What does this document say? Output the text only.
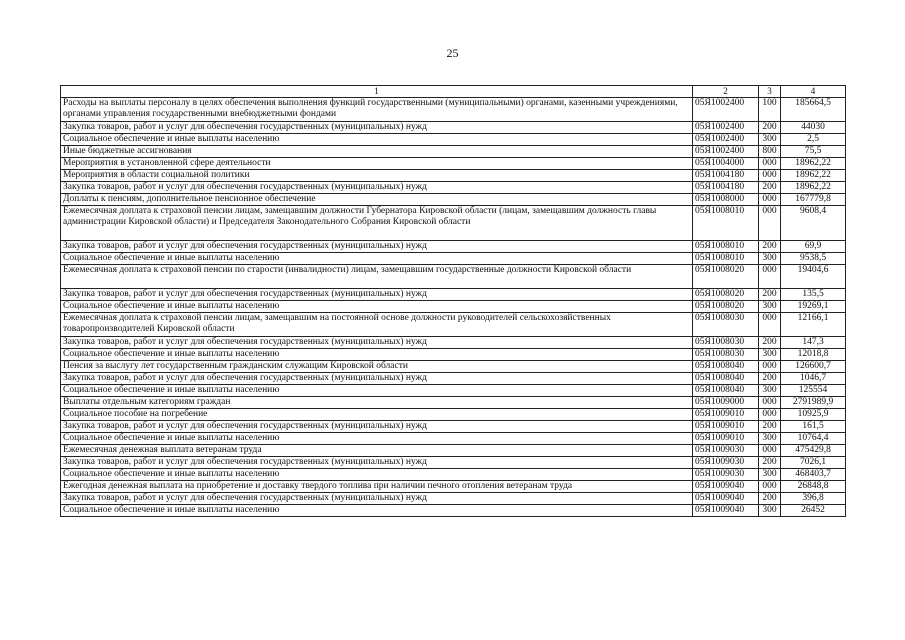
25
1	2	3	4
Расходы на выплаты персоналу в целях обеспечения выполнения функций государственными (муниципальными) органами, казенными учреждениями, органами управления государственными внебюджетными фондами	05Я1002400	100	185664,5
Закупка товаров, работ и услуг для обеспечения государственных (муниципальных) нужд	05Я1002400	200	44030
Социальное обеспечение и иные выплаты населению	05Я1002400	300	2,5
Иные бюджетные ассигнования	05Я1002400	800	75,5
Мероприятия в установленной сфере деятельности	05Я1004000	000	18962,22
Мероприятия в области социальной политики	05Я1004180	000	18962,22
Закупка товаров, работ и услуг для обеспечения государственных (муниципальных) нужд	05Я1004180	200	18962,22
Доплаты к пенсиям, дополнительное пенсионное обеспечение	05Я1008000	000	167779,8
Ежемесячная доплата к страховой пенсии лицам, замещавшим должности Губернатора Кировской области (лицам, замещавшим должность главы администрации Кировской области) и Председателя Законодательного Собрания Кировской области	05Я1008010	000	9608,4
Закупка товаров, работ и услуг для обеспечения государственных (муниципальных) нужд	05Я1008010	200	69,9
Социальное обеспечение и иные выплаты населению	05Я1008010	300	9538,5
Ежемесячная доплата к страховой пенсии по старости (инвалидности) лицам, замещавшим государственные должности Кировской области	05Я1008020	000	19404,6
Закупка товаров, работ и услуг для обеспечения государственных (муниципальных) нужд	05Я1008020	200	135,5
Социальное обеспечение и иные выплаты населению	05Я1008020	300	19269,1
Ежемесячная доплата к страховой пенсии лицам, замещавшим на постоянной основе должности руководителей сельскохозяйственных товаропроизводителей Кировской области	05Я1008030	000	12166,1
Закупка товаров, работ и услуг для обеспечения государственных (муниципальных) нужд	05Я1008030	200	147,3
Социальное обеспечение и иные выплаты населению	05Я1008030	300	12018,8
Пенсия за выслугу лет государственным гражданским служащим Кировской области	05Я1008040	000	126600,7
Закупка товаров, работ и услуг для обеспечения государственных (муниципальных) нужд	05Я1008040	200	1046,7
Социальное обеспечение и иные выплаты населению	05Я1008040	300	125554
Выплаты отдельным категориям граждан	05Я1009000	000	2791989,9
Социальное пособие на погребение	05Я1009010	000	10925,9
Закупка товаров, работ и услуг для обеспечения государственных (муниципальных) нужд	05Я1009010	200	161,5
Социальное обеспечение и иные выплаты населению	05Я1009010	300	10764,4
Ежемесячная денежная выплата ветеранам труда	05Я1009030	000	475429,8
Закупка товаров, работ и услуг для обеспечения государственных (муниципальных) нужд	05Я1009030	200	7026,1
Социальное обеспечение и иные выплаты населению	05Я1009030	300	468403,7
Ежегодная денежная выплата на приобретение и доставку твердого топлива при наличии печного отопления ветеранам труда	05Я1009040	000	26848,8
Закупка товаров, работ и услуг для обеспечения государственных (муниципальных) нужд	05Я1009040	200	396,8
Социальное обеспечение и иные выплаты населению	05Я1009040	300	26452
